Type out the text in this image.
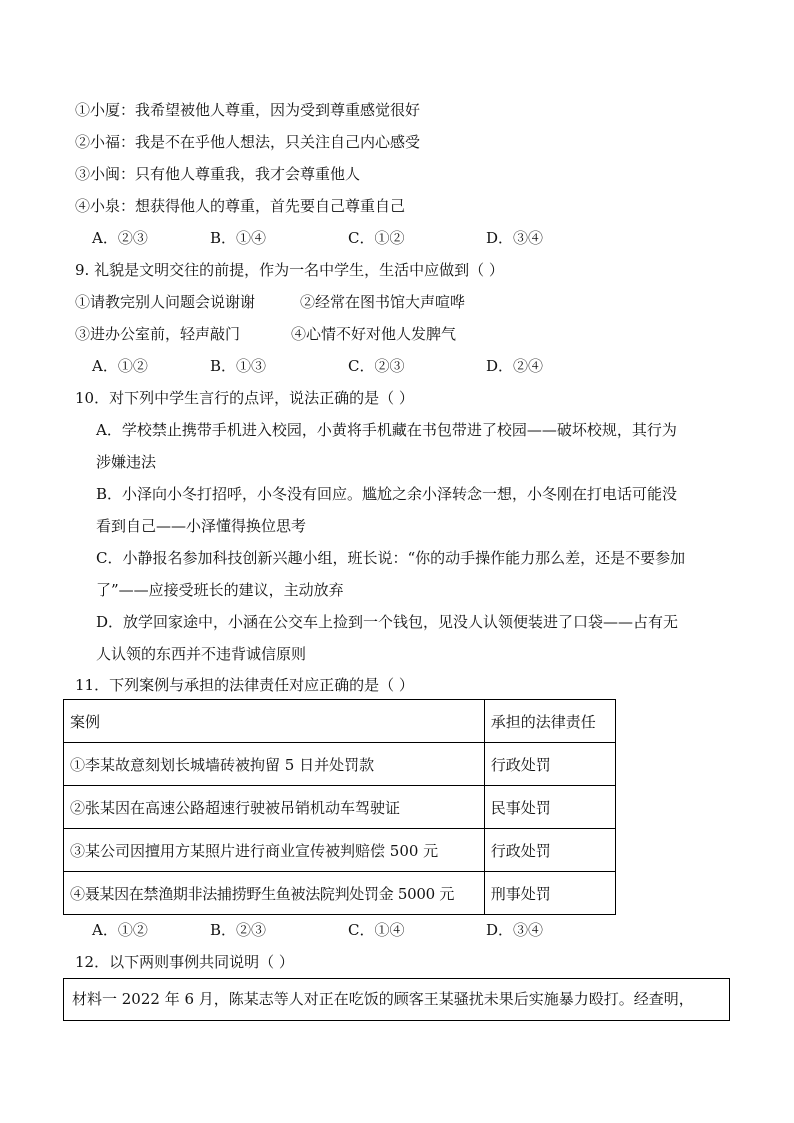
①小厦：我希望被他人尊重，因为受到尊重感觉很好
②小福：我是不在乎他人想法，只关注自己内心感受
③小闽：只有他人尊重我，我才会尊重他人
④小泉：想获得他人的尊重，首先要自己尊重自己
A．②③	B．①④	C．①②	D．③④
9. 礼貌是文明交往的前提，作为一名中学生，生活中应做到（ ）
①请教完别人问题会说谢谢	②经常在图书馆大声喧哗
③进办公室前，轻声敲门	④心情不好对他人发脾气
A．①②	B．①③	C．②③	D．②④
10．对下列中学生言行的点评，说法正确的是（ ）
A．学校禁止携带手机进入校园，小黄将手机藏在书包带进了校园——破坏校规，其行为
涉嫌违法
B．小泽向小冬打招呼，小冬没有回应。尴尬之余小泽转念一想，小冬刚在打电话可能没
看到自己——小泽懂得换位思考
C．小静报名参加科技创新兴趣小组，班长说：“你的动手操作能力那么差，还是不要参加
了”——应接受班长的建议，主动放弃
D．放学回家途中，小涵在公交车上捡到一个钱包，见没人认领便装进了口袋——占有无
人认领的东西并不违背诚信原则
11．下列案例与承担的法律责任对应正确的是（ ）
案例	承担的法律责任
①李某故意刻划长城墙砖被拘留 5 日并处罚款	行政处罚
②张某因在高速公路超速行驶被吊销机动车驾驶证	民事处罚
③某公司因擅用方某照片进行商业宣传被判赔偿 500 元	行政处罚
④聂某因在禁渔期非法捕捞野生鱼被法院判处罚金 5000 元	刑事处罚
A．①②	B．②③	C．①④	D．③④
12．以下两则事例共同说明（ ）
材料一 2022 年 6 月，陈某志等人对正在吃饭的顾客王某骚扰未果后实施暴力殴打。经查明，
